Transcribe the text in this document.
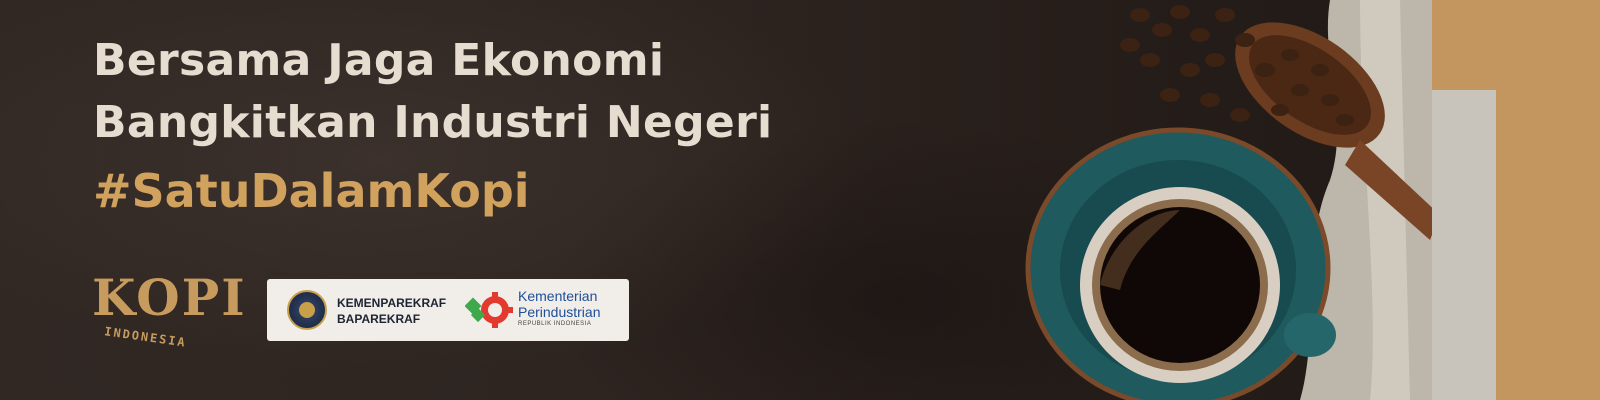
Bersama Jaga Ekonomi
Bangkitkan Industri Negeri
#SatuDalamKopi
KOPI
INDONESIA
KEMENPAREKRAF
BAPAREKRAF
Kementerian
Perindustrian
REPUBLIK INDONESIA
